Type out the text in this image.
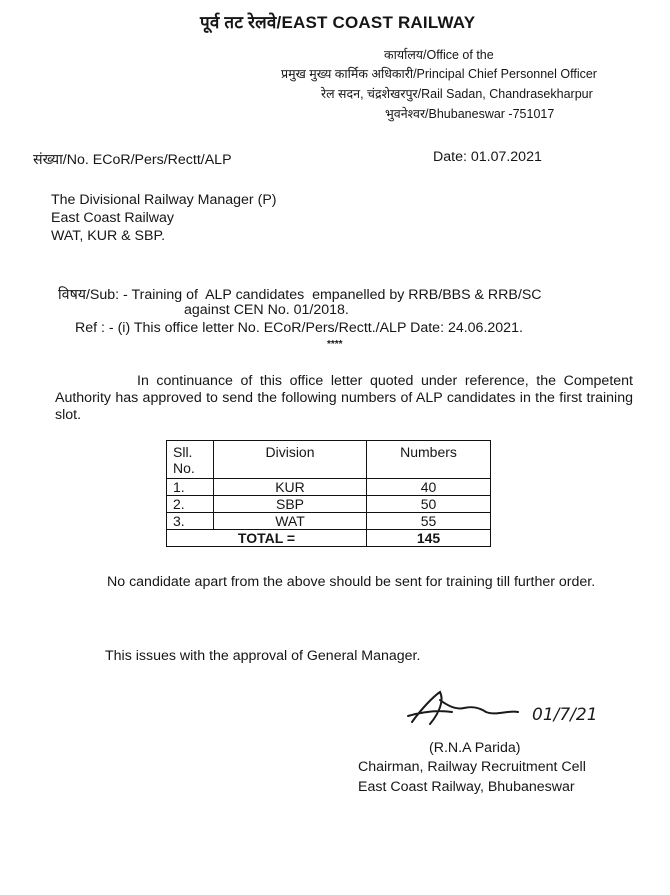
पूर्व तट रेलवे/EAST COAST RAILWAY
कार्यालय/Office of the
प्रमुख मुख्य कार्मिक अधिकारी/Principal Chief Personnel Officer
रेल सदन, चंद्रशेखरपुर/Rail Sadan, Chandrasekharpur
भुवनेश्वर/Bhubaneswar -751017
संख्या/No. ECoR/Pers/Rectt/ALP	Date: 01.07.2021
The Divisional Railway Manager (P)
East Coast Railway
WAT, KUR & SBP.
विषय/Sub: - Training of  ALP candidates  empanelled by RRB/BBS & RRB/SC
against CEN No. 01/2018.
Ref : - (i) This office letter No. ECoR/Pers/Rectt./ALP Date: 24.06.2021.
****
In continuance of this office letter quoted under reference, the Competent Authority has approved to send the following numbers of ALP candidates in the first training slot.
Sll. No.	Division	Numbers
1.	KUR	40
2.	SBP	50
3.	WAT	55
TOTAL =		145
No candidate apart from the above should be sent for training till further order.
This issues with the approval of General Manager.
01/7/21
(R.N.A Parida)
Chairman, Railway Recruitment Cell
East Coast Railway, Bhubaneswar
